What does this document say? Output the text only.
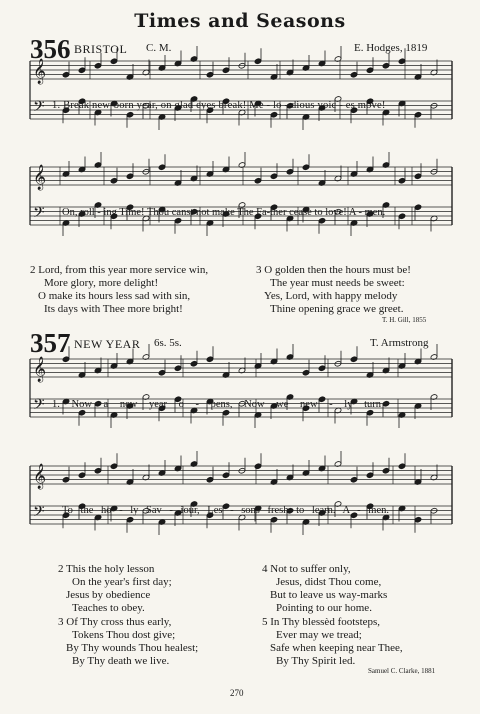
Times and Seasons
356 BRISTOL C. M.	E. Hodges, 1819
𝄞
𝄢
𝄞
𝄢
𝄞
𝄢
𝄞
𝄢
1. Break new-born year, on glad eyes break! Me - lo - dious voic - es move!
On, roll - ing Time! Thou canst not make The Fa-ther cease to love! A - men.
2 Lord, from this year more service win,
More glory, more delight!
O make its hours less sad with sin,
Its days with Thee more bright!
3 O golden then the hours must be!
The year must needs be sweet:
Yes, Lord, with happy melody
Thine opening grace we greet.
T. H. Gill, 1855
357 NEW YEAR 6s. 5s.	T. Armstrong
1. Now a new year o - pens, Now we new - ly turn
To the ho - ly Sav - iour, Les - sons fresh to learn. A - men.
2 This the holy lesson
On the year's first day;
Jesus by obedience
Teaches to obey.
3 Of Thy cross thus early,
Tokens Thou dost give;
By Thy wounds Thou healest;
By Thy death we live.
4 Not to suffer only,
Jesus, didst Thou come,
But to leave us way-marks
Pointing to our home.
5 In Thy blessèd footsteps,
Ever may we tread;
Safe when keeping near Thee,
By Thy Spirit led.
Samuel C. Clarke, 1881
270
